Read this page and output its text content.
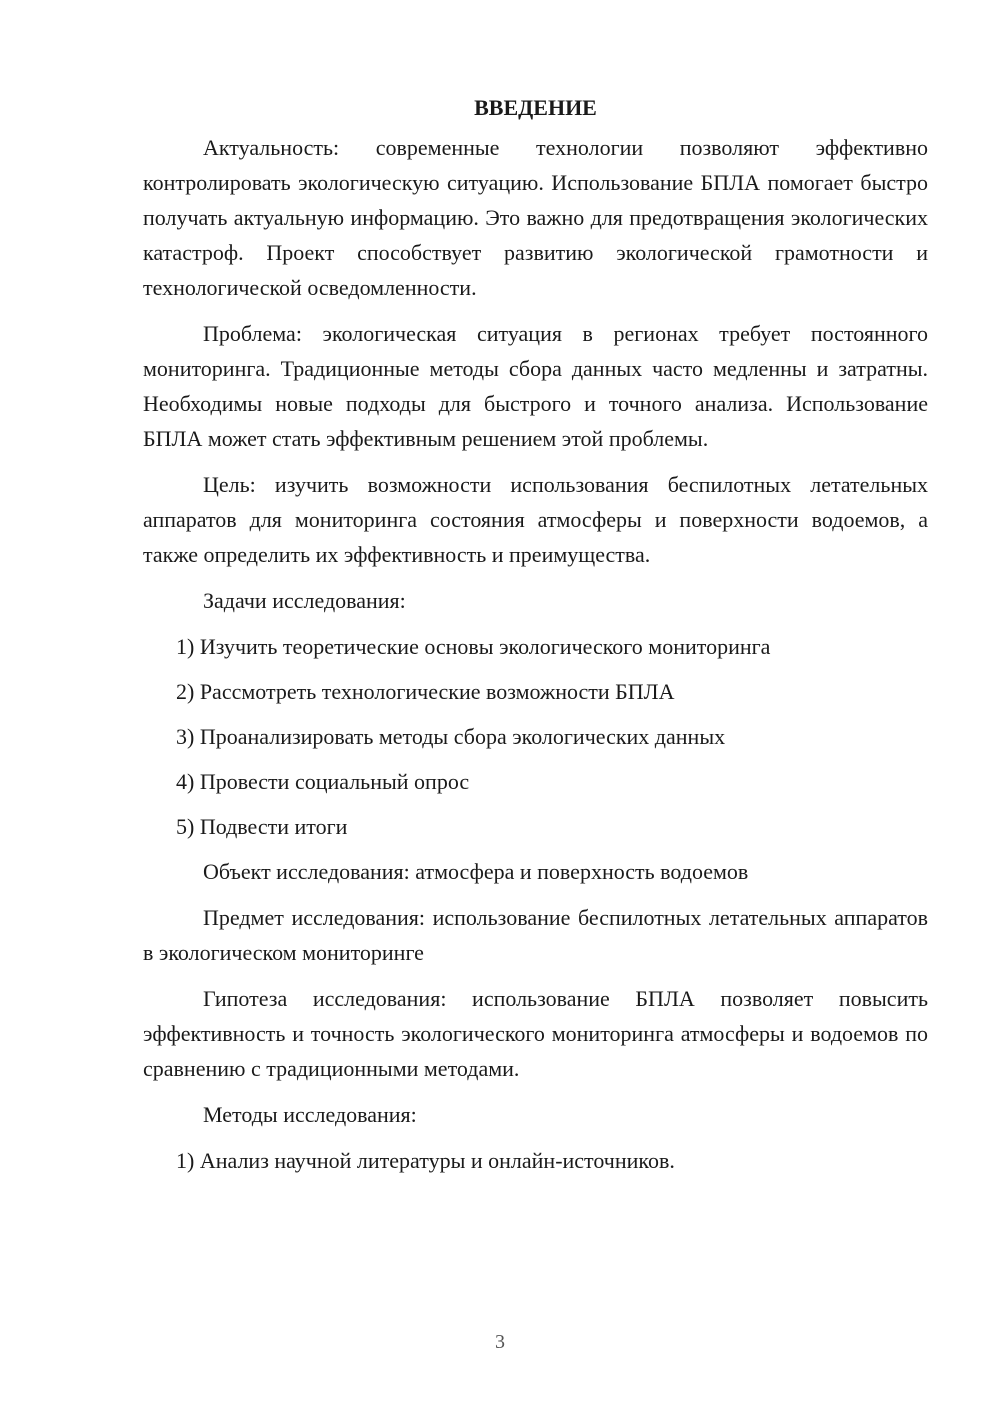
ВВЕДЕНИЕ

Актуальность: современные технологии позволяют эффективно контролировать экологическую ситуацию. Использование БПЛА помогает быстро получать актуальную информацию. Это важно для предотвращения экологических катастроф. Проект способствует развитию экологической грамотности и технологической осведомленности.

Проблема: экологическая ситуация в регионах требует постоянного мониторинга. Традиционные методы сбора данных часто медленны и затратны. Необходимы новые подходы для быстрого и точного анализа. Использование БПЛА может стать эффективным решением этой проблемы.

Цель: изучить возможности использования беспилотных летательных аппаратов для мониторинга состояния атмосферы и поверхности водоемов, а также определить их эффективность и преимущества.

Задачи исследования:

1) Изучить теоретические основы экологического мониторинга
2) Рассмотреть технологические возможности БПЛА
3) Проанализировать методы сбора экологических данных
4) Провести социальный опрос
5) Подвести итоги

Объект исследования: атмосфера и поверхность водоемов

Предмет исследования: использование беспилотных летательных аппаратов в экологическом мониторинге

Гипотеза исследования: использование БПЛА позволяет повысить эффективность и точность экологического мониторинга атмосферы и водоемов по сравнению с традиционными методами.

Методы исследования:

1) Анализ научной литературы и онлайн-источников.
3
